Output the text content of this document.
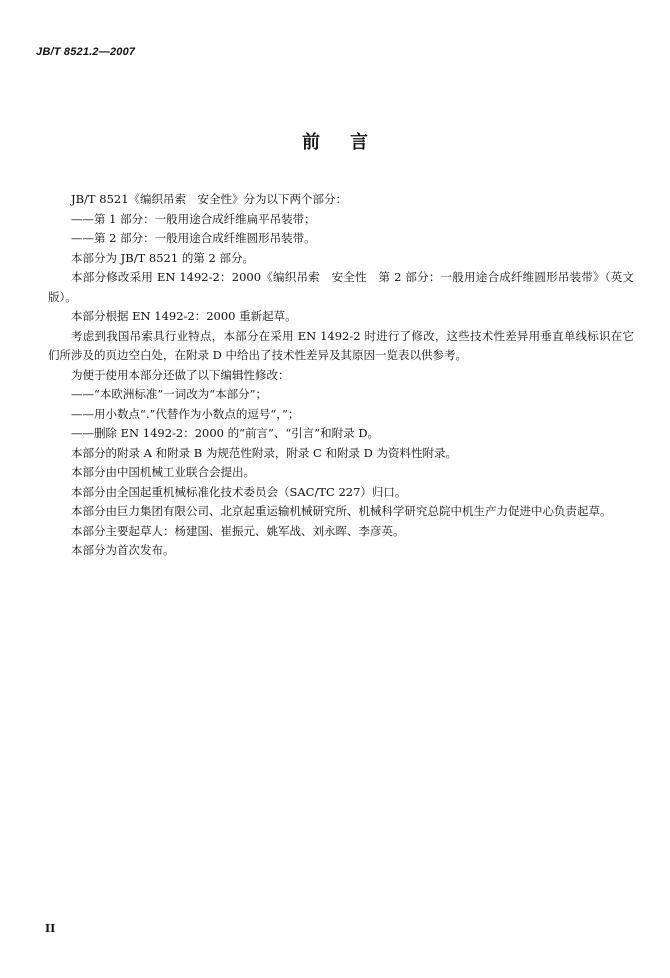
JB/T 8521.2—2007
前言

JB/T 8521《编织吊索　安全性》分为以下两个部分：

——第 1 部分：一般用途合成纤维扁平吊装带；

——第 2 部分：一般用途合成纤维圆形吊装带。

本部分为 JB/T 8521 的第 2 部分。

本部分修改采用 EN 1492-2：2000《编织吊索　安全性　第 2 部分：一般用途合成纤维圆形吊装带》（英文版）。

本部分根据 EN 1492-2：2000 重新起草。

考虑到我国吊索具行业特点，本部分在采用 EN 1492-2 时进行了修改，这些技术性差异用垂直单线标识在它们所涉及的页边空白处，在附录 D 中给出了技术性差异及其原因一览表以供参考。

为便于使用本部分还做了以下编辑性修改：

——“本欧洲标准”一词改为“本部分”；

——用小数点“.”代替作为小数点的逗号“，”；

——删除 EN 1492-2：2000 的“前言”、“引言”和附录 D。

本部分的附录 A 和附录 B 为规范性附录，附录 C 和附录 D 为资料性附录。

本部分由中国机械工业联合会提出。

本部分由全国起重机械标准化技术委员会（SAC/TC 227）归口。

本部分由巨力集团有限公司、北京起重运输机械研究所、机械科学研究总院中机生产力促进中心负责起草。

本部分主要起草人：杨建国、崔振元、姚军战、刘永晖、李彦英。

本部分为首次发布。

II
